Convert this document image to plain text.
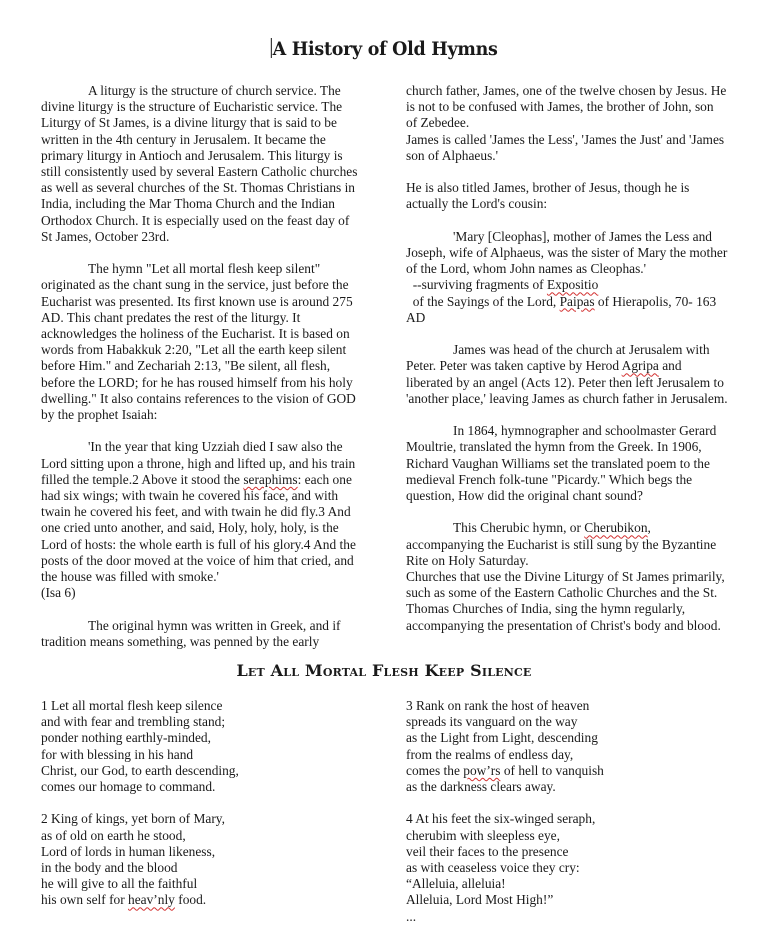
A History of Old Hymns

A liturgy is the structure of church service. The divine liturgy is the structure of Eucharistic service. The Liturgy of St James, is a divine liturgy that is said to be written in the 4th century in Jerusalem. It became the primary liturgy in Antioch and Jerusalem. This liturgy is still consistently used by several Eastern Catholic churches as well as several churches of the St. Thomas Christians in India, including the Mar Thoma Church and the Indian Orthodox Church. It is especially used on the feast day of St James, October 23rd.

The hymn "Let all mortal flesh keep silent" originated as the chant sung in the service, just before the Eucharist was presented. Its first known use is around 275 AD. This chant predates the rest of the liturgy. It acknowledges the holiness of the Eucharist. It is based on words from Habakkuk 2:20, "Let all the earth keep silent before Him." and Zechariah 2:13, "Be silent, all flesh, before the LORD; for he has roused himself from his holy dwelling." It also contains references to the vision of GOD by the prophet Isaiah:

'In the year that king Uzziah died I saw also the Lord sitting upon a throne, high and lifted up, and his train filled the temple.2 Above it stood the seraphims: each one had six wings; with twain he covered his face, and with twain he covered his feet, and with twain he did fly.3 And one cried unto another, and said, Holy, holy, holy, is the Lord of hosts: the whole earth is full of his glory.4 And the posts of the door moved at the voice of him that cried, and the house was filled with smoke.'

(Isa 6)

The original hymn was written in Greek, and if tradition means something, was penned by the early

church father, James, one of the twelve chosen by Jesus. He is not to be confused with James, the brother of John, son of Zebedee.

James is called 'James the Less', 'James the Just' and 'James son of Alphaeus.'

He is also titled James, brother of Jesus, though he is actually the Lord's cousin:

'Mary [Cleophas], mother of James the Less and Joseph, wife of Alphaeus, was the sister of Mary the mother of the Lord, whom John names as Cleophas.'

--surviving fragments of Expositio  of the Sayings of the Lord, Paipas of Hierapolis, 70- 163 AD

James was head of the church at Jerusalem with Peter. Peter was taken captive by Herod Agripa and liberated by an angel (Acts 12). Peter then left Jerusalem to 'another place,' leaving James as church father in Jerusalem.

In 1864, hymnographer and schoolmaster Gerard Moultrie, translated the hymn from the Greek. In 1906, Richard Vaughan Williams set the translated poem to the medieval French folk-tune "Picardy." Which begs the question, How did the original chant sound?

This Cherubic hymn, or Cherubikon, accompanying the Eucharist is still sung by the Byzantine Rite on Holy Saturday.

Churches that use the Divine Liturgy of St James primarily, such as some of the Eastern Catholic Churches and the St. Thomas Churches of India, sing the hymn regularly, accompanying the presentation of Christ's body and blood.

Let All Mortal Flesh Keep Silence

1 Let all mortal flesh keep silence

and with fear and trembling stand;

ponder nothing earthly-minded,

for with blessing in his hand

Christ, our God, to earth descending,

comes our homage to command.

2 King of kings, yet born of Mary,

as of old on earth he stood,

Lord of lords in human likeness,

in the body and the blood

he will give to all the faithful

his own self for heav’nly food.

3 Rank on rank the host of heaven

spreads its vanguard on the way

as the Light from Light, descending

from the realms of endless day,

comes the pow’rs of hell to vanquish

as the darkness clears away.

4 At his feet the six-winged seraph,

cherubim with sleepless eye,

veil their faces to the presence

as with ceaseless voice they cry:

“Alleluia, alleluia!

Alleluia, Lord Most High!”

...
